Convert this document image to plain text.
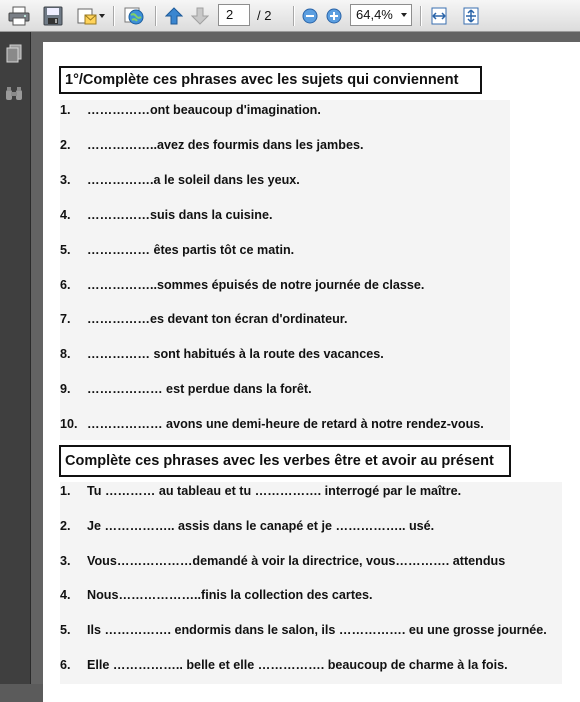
2	/ 2	64,4%
1°/Complète ces phrases avec les sujets qui conviennent
1. ……………ont beaucoup d'imagination.
2. ……………..avez des fourmis dans les jambes.
3. …………….a le soleil dans les yeux.
4. ……………suis dans la cuisine.
5. …………… êtes partis tôt ce matin.
6. ……………..sommes épuisés de notre journée de classe.
7. ……………es devant ton écran d'ordinateur.
8. …………… sont habitués à la route des vacances.
9. ……………… est perdue dans la forêt.
10. ……………… avons une demi-heure de retard à notre rendez-vous.
Complète ces phrases avec les verbes être et avoir au présent
1. Tu ………… au tableau et tu ……………. interrogé par le maître.
2. Je …………….. assis dans le canapé et je …………….. usé.
3. Vous………………demandé à voir la directrice, vous…………. attendus
4. Nous………………..finis la collection des cartes.
5. Ils ……………. endormis dans le salon, ils ……………. eu une grosse journée.
6. Elle …………….. belle et elle ……………. beaucoup de charme à la fois.
